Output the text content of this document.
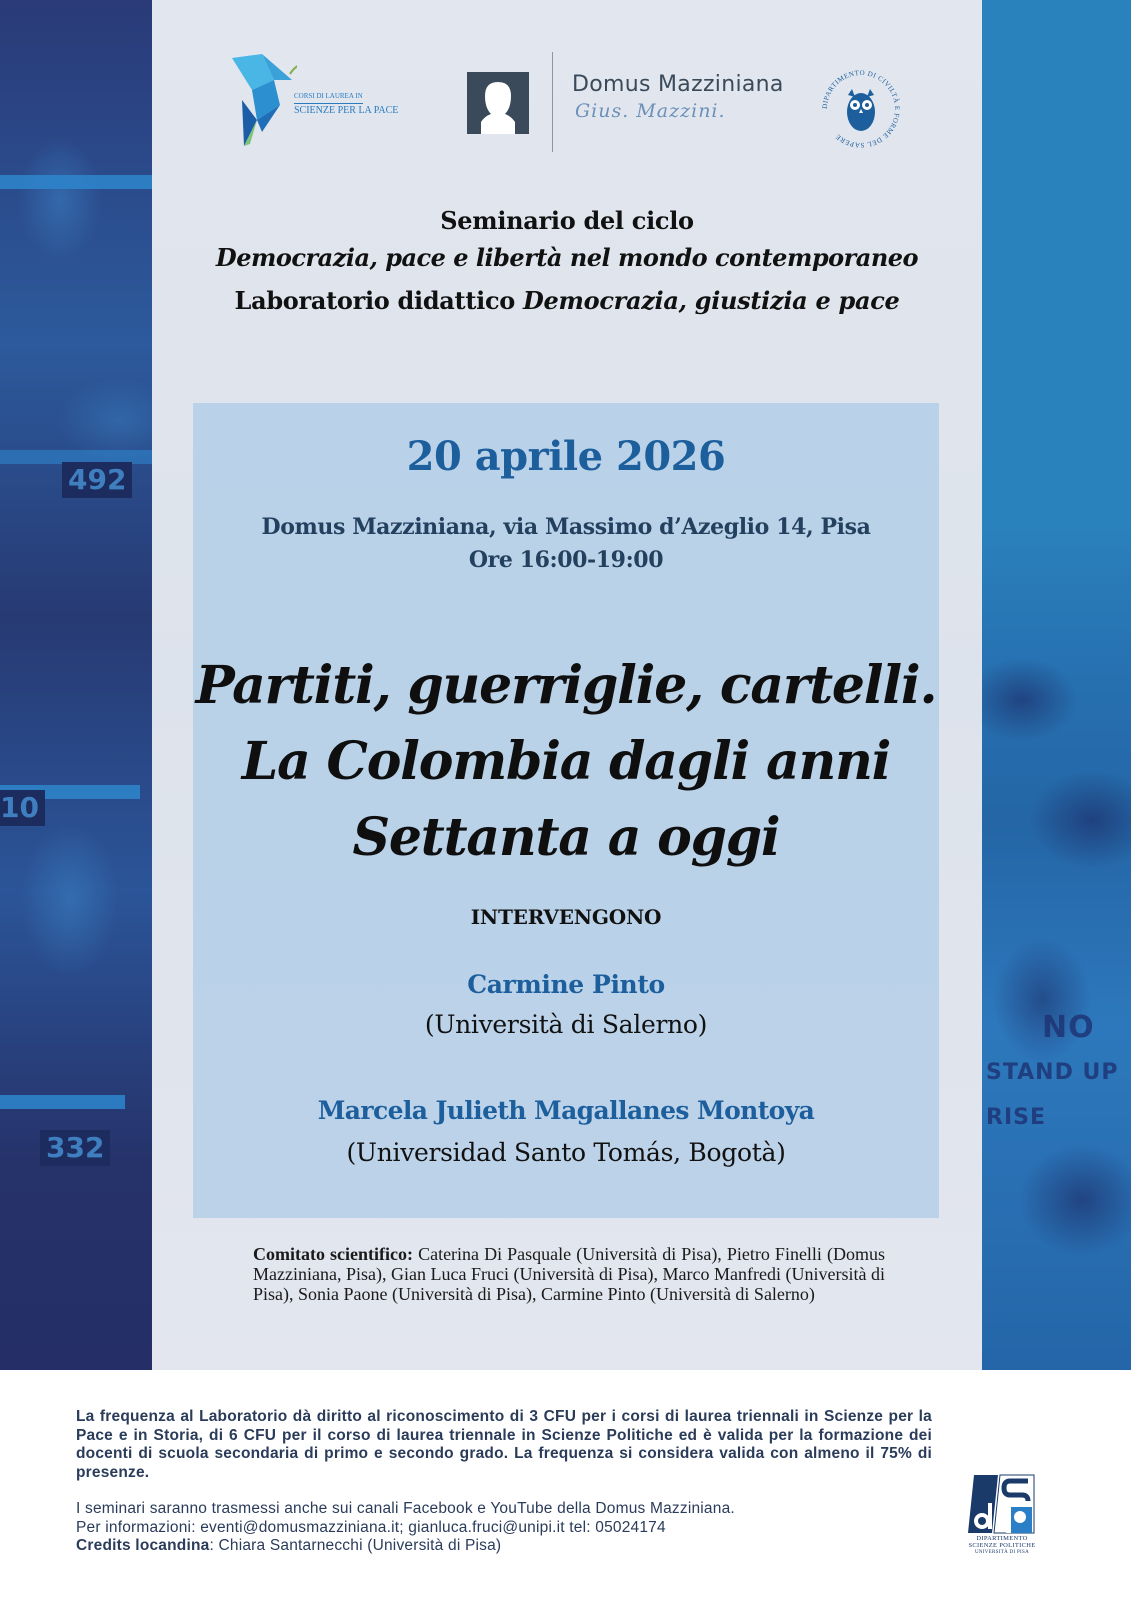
492
10
332
NO
STAND UP
RISE
CORSI DI LAUREA IN
SCIENZE PER LA PACE
Domus Mazziniana
Gius. Mazzini.	DIPARTIMENTO DI CIVILTÀ E FORME DEL SAPERE
Seminario del ciclo
Democrazia, pace e libertà nel mondo contemporaneo
Laboratorio didattico Democrazia, giustizia e pace
20 aprile 2026
Domus Mazziniana, via Massimo d’Azeglio 14, Pisa
Ore 16:00-19:00
Partiti, guerriglie, cartelli.
La Colombia dagli anni
Settanta a oggi
INTERVENGONO
Carmine Pinto
(Università di Salerno)
Marcela Julieth Magallanes Montoya
(Universidad Santo Tomás, Bogotà)
Comitato scientifico: Caterina Di Pasquale (Università di Pisa), Pietro Finelli (Domus Mazziniana, Pisa), Gian Luca Fruci (Università di Pisa), Marco Manfredi (Università di Pisa), Sonia Paone (Università di Pisa), Carmine Pinto (Università di Salerno)
La frequenza al Laboratorio dà diritto al riconoscimento di 3 CFU per i corsi di laurea triennali in Scienze per la Pace e in Storia, di 6 CFU per il corso di laurea triennale in Scienze Politiche ed è valida per la formazione dei docenti di scuola secondaria di primo e secondo grado. La frequenza si considera valida con almeno il 75% di presenze.
I seminari saranno trasmessi anche sui canali Facebook e YouTube della Domus Mazziniana.
Per informazioni: eventi@domusmazziniana.it; gianluca.fruci@unipi.it tel: 05024174
Credits locandina: Chiara Santarnecchi (Università di Pisa)	DIPARTIMENTO
SCIENZE POLITICHE
UNIVERSITÀ DI PISA
